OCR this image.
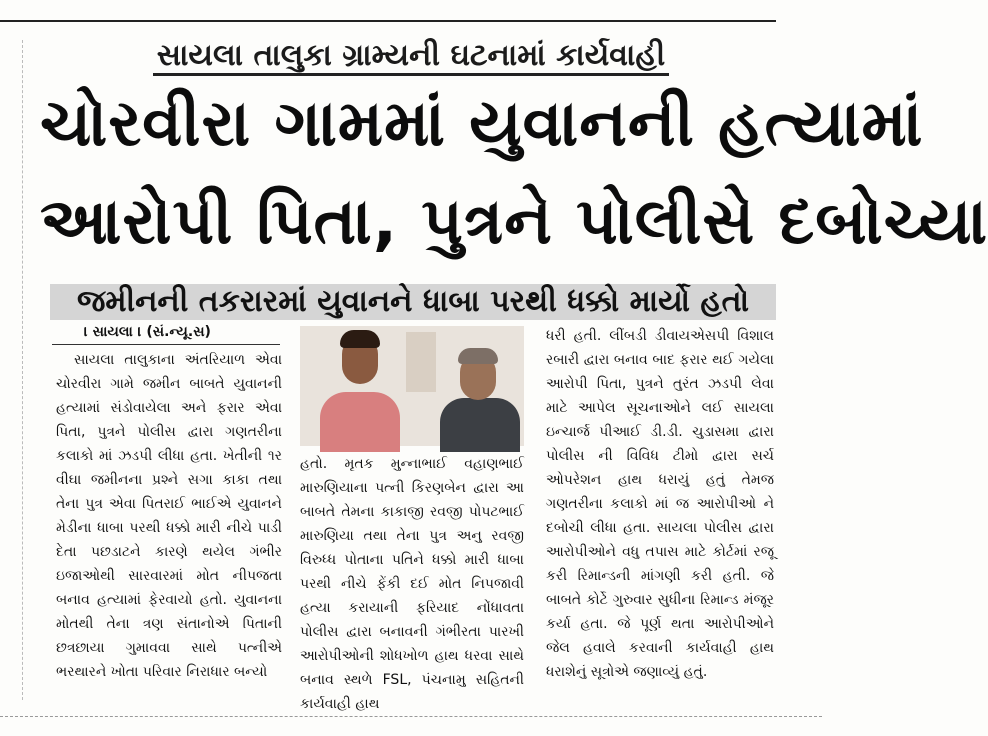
સાયલા તાલુકા ગ્રામ્યની ઘટનામાં કાર્યવાહી
ચોરવીરા ગામમાં યુવાનની હત્યામાં
આરોપી પિતા, પુત્રને પોલીસે દબોચ્યા
જમીનની તકરારમાં યુવાનને ધાબા પરથી ધક્કો માર્યો હતો
। સાયલા । (સં.ન્યૂ.સ)

સાયલા તાલુકાના અંતરિયાળ એવા ચોરવીરા ગામે જમીન બાબતે યુવાનની હત્યામાં સંડોવાયેલા અને ફરાર એવા પિતા, પુત્રને પોલીસ દ્વારા ગણતરીના કલાકો માં ઝડપી લીધા હતા. ખેતીની ૧ર વીઘા જમીનના પ્રશ્ને સગા કાકા તથા તેના પુત્ર એવા પિતરાઈ ભાઈએ યુવાનને મેડીના ધાબા પરથી ધક્કો મારી નીચે પાડી દેતા પછડાટને કારણે થયેલ ગંભીર ઇજાઓથી સારવારમાં મોત નીપજતા બનાવ હત્યામાં ફેરવાયો હતો. યુવાનના મોતથી તેના ત્રણ સંતાનોએ પિતાની છત્રછાયા ગુમાવવા સાથે પત્નીએ ભરથારને ખોતા પરિવાર નિરાધાર બન્યો

હતો. મૃતક મુન્નાભાઈ વહાણભાઈ મારુણિયાના પત્ની કિરણબેન દ્વારા આ બાબતે તેમના કાકાજી રવજી પોપટભાઈ મારુણિયા તથા તેના પુત્ર અનુ રવજી વિરુધ્ધ પોતાના પતિને ધક્કો મારી ધાબા પરથી નીચે ફેંકી દઈ મોત નિપજાવી હત્યા કરાયાની ફરિયાદ નોંધાવતા પોલીસ દ્વારા બનાવની ગંભીરતા પારખી આરોપીઓની શોધખોળ હાથ ધરવા સાથે બનાવ સ્થળે FSL, પંચનામુ સહિતની કાર્યવાહી હાથ

ધરી હતી. લીંબડી ડીવાયએસપી વિશાલ રબારી દ્વારા બનાવ બાદ ફરાર થઈ ગયેલા આરોપી પિતા, પુત્રને તુરંત ઝડપી લેવા માટે આપેલ સૂચનાઓને લઈ સાયલા ઇન્ચાર્જ પીઆઈ ડી.ડી. ચુડાસમા દ્વારા પોલીસ ની વિવિધ ટીમો દ્વારા સર્ચ ઓપરેશન હાથ ધરાયું હતું તેમજ ગણતરીના કલાકો માં જ આરોપીઓ ને દબોચી લીધા હતા. સાયલા પોલીસ દ્વારા આરોપીઓને વધુ તપાસ માટે કોર્ટમાં રજૂ કરી રિમાન્ડની માંગણી કરી હતી. જે બાબતે કોર્ટે ગુરુવાર સુધીના રિમાન્ડ મંજૂર કર્યા હતા. જે પૂર્ણ થતા આરોપીઓને જેલ હવાલે કરવાની કાર્યવાહી હાથ ધરાશેનું સૂત્રોએ જણાવ્યું હતું.
